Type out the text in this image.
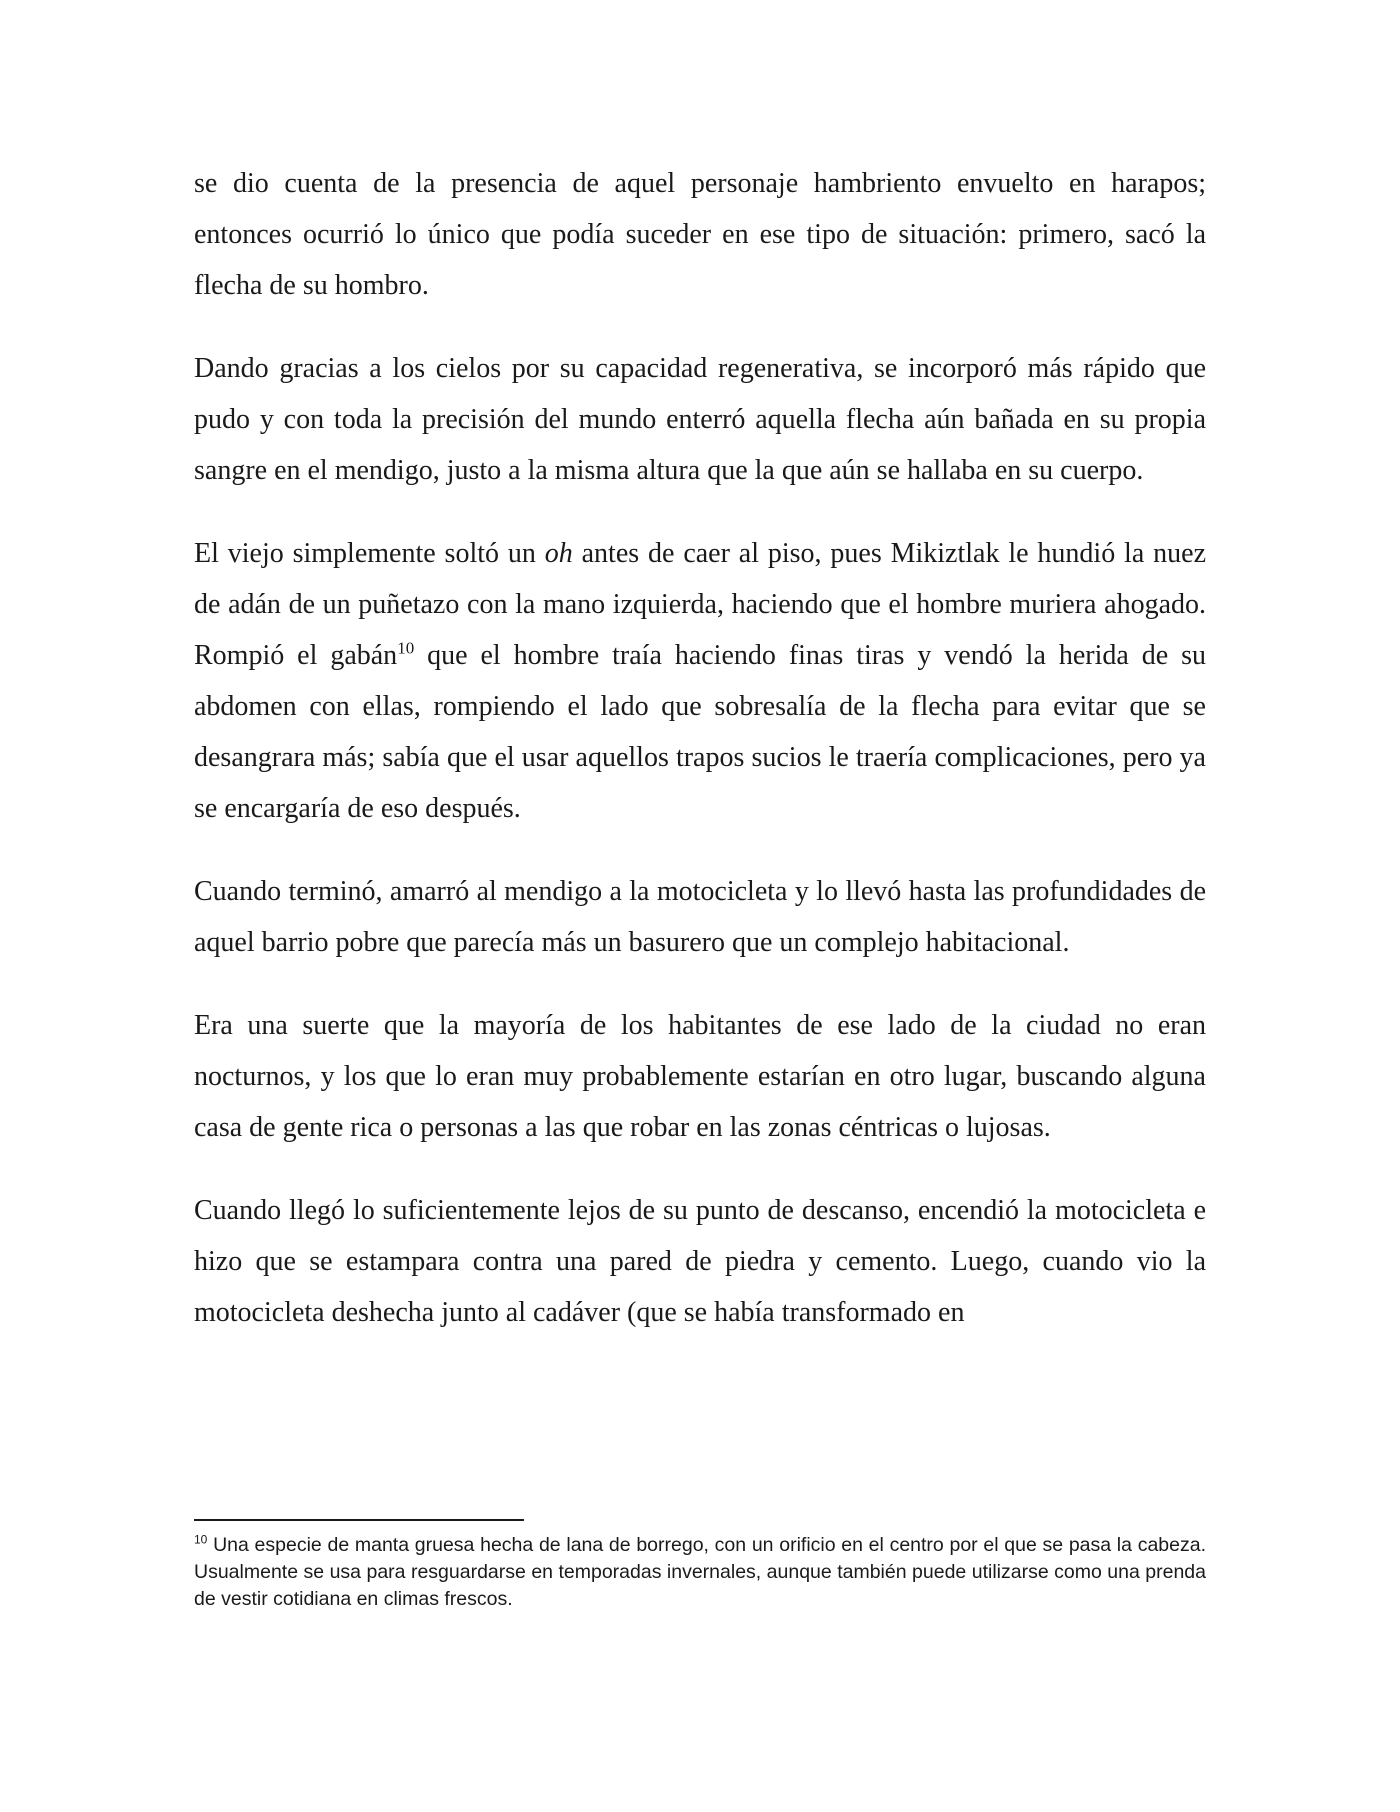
se dio cuenta de la presencia de aquel personaje hambriento envuelto en harapos; entonces ocurrió lo único que podía suceder en ese tipo de situación: primero, sacó la flecha de su hombro.

Dando gracias a los cielos por su capacidad regenerativa, se incorporó más rápido que pudo y con toda la precisión del mundo enterró aquella flecha aún bañada en su propia sangre en el mendigo, justo a la misma altura que la que aún se hallaba en su cuerpo.

El viejo simplemente soltó un oh antes de caer al piso, pues Mikiztlak le hundió la nuez de adán de un puñetazo con la mano izquierda, haciendo que el hombre muriera ahogado. Rompió el gabán$^{10}$ que el hombre traía haciendo finas tiras y vendó la herida de su abdomen con ellas, rompiendo el lado que sobresalía de la flecha para evitar que se desangrara más; sabía que el usar aquellos trapos sucios le traería complicaciones, pero ya se encargaría de eso después.

Cuando terminó, amarró al mendigo a la motocicleta y lo llevó hasta las profundidades de aquel barrio pobre que parecía más un basurero que un complejo habitacional.

Era una suerte que la mayoría de los habitantes de ese lado de la ciudad no eran nocturnos, y los que lo eran muy probablemente estarían en otro lugar, buscando alguna casa de gente rica o personas a las que robar en las zonas céntricas o lujosas.

Cuando llegó lo suficientemente lejos de su punto de descanso, encendió la motocicleta e hizo que se estampara contra una pared de piedra y cemento. Luego, cuando vio la motocicleta deshecha junto al cadáver (que se había transformado en

$^{10}$ Una especie de manta gruesa hecha de lana de borrego, con un orificio en el centro por el que se pasa la cabeza. Usualmente se usa para resguardarse en temporadas invernales, aunque también puede utilizarse como una prenda de vestir cotidiana en climas frescos.
